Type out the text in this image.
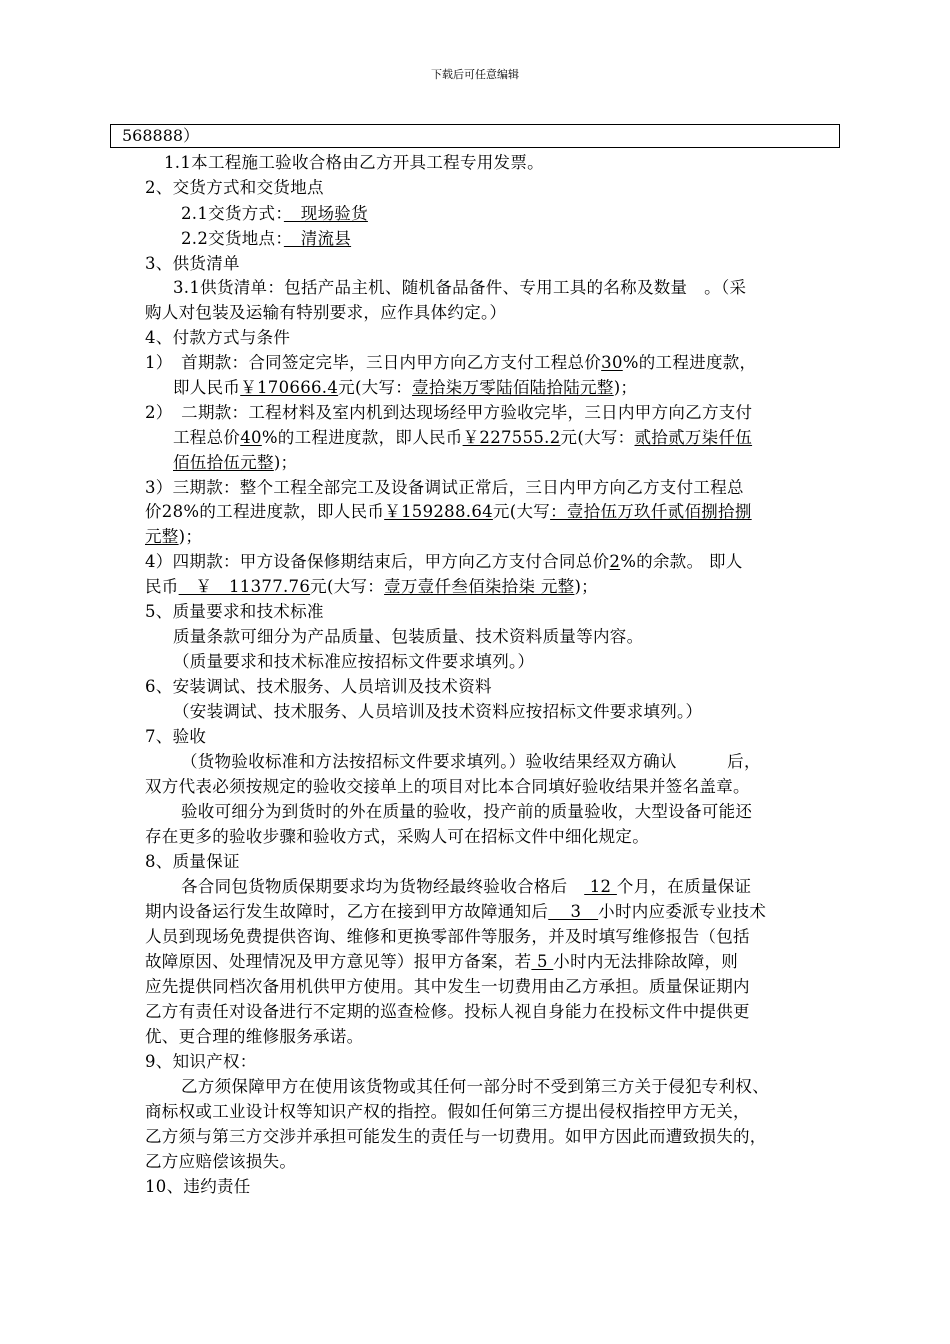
下载后可任意编辑
568888）
1.1本工程施工验收合格由乙方开具工程专用发票。
2、交货方式和交货地点
2.1交货方式：　现场验货
2.2交货地点：　清流县
3、供货清单
3.1供货清单：包括产品主机、随机备品备件、专用工具的名称及数量　。（采
购人对包装及运输有特别要求，应作具体约定。）
4、付款方式与条件
1）　首期款：合同签定完毕，三日内甲方向乙方支付工程总价30%的工程进度款，
即人民币￥170666.4元(大写：壹拾柒万零陆佰陆拾陆元整)；
2）　二期款：工程材料及室内机到达现场经甲方验收完毕，三日内甲方向乙方支付
工程总价40%的工程进度款，即人民币￥227555.2元(大写：贰拾贰万柒仟伍
佰伍拾伍元整)；
3）三期款：整个工程全部完工及设备调试正常后，三日内甲方向乙方支付工程总
价28%的工程进度款，即人民币￥159288.64元(大写：壹拾伍万玖仟贰佰捌拾捌
元整)；
4）四期款：甲方设备保修期结束后，甲方向乙方支付合同总价2%的余款。 即人
民币　￥　11377.76元(大写：壹万壹仟叁佰柒拾柒 元整)；
5、质量要求和技术标准
质量条款可细分为产品质量、包装质量、技术资料质量等内容。
（质量要求和技术标准应按招标文件要求填列。）
6、安装调试、技术服务、人员培训及技术资料
（安装调试、技术服务、人员培训及技术资料应按招标文件要求填列。）
7、验收
（货物验收标准和方法按招标文件要求填列。）验收结果经双方确认　　　后，
双方代表必须按规定的验收交接单上的项目对比本合同填好验收结果并签名盖章。
验收可细分为到货时的外在质量的验收，投产前的质量验收，大型设备可能还
存在更多的验收步骤和验收方式，采购人可在招标文件中细化规定。
8、质量保证
各合同包货物质保期要求均为货物经最终验收合格后　 12 个月，在质量保证
期内设备运行发生故障时，乙方在接到甲方故障通知后　 3　小时内应委派专业技术
人员到现场免费提供咨询、维修和更换零部件等服务，并及时填写维修报告（包括
故障原因、处理情况及甲方意见等）报甲方备案，若 5 小时内无法排除故障，则
应先提供同档次备用机供甲方使用。其中发生一切费用由乙方承担。质量保证期内
乙方有责任对设备进行不定期的巡查检修。投标人视自身能力在投标文件中提供更
优、更合理的维修服务承诺。
9、知识产权：
乙方须保障甲方在使用该货物或其任何一部分时不受到第三方关于侵犯专利权、
商标权或工业设计权等知识产权的指控。假如任何第三方提出侵权指控甲方无关，
乙方须与第三方交涉并承担可能发生的责任与一切费用。如甲方因此而遭致损失的，
乙方应赔偿该损失。
10、违约责任
